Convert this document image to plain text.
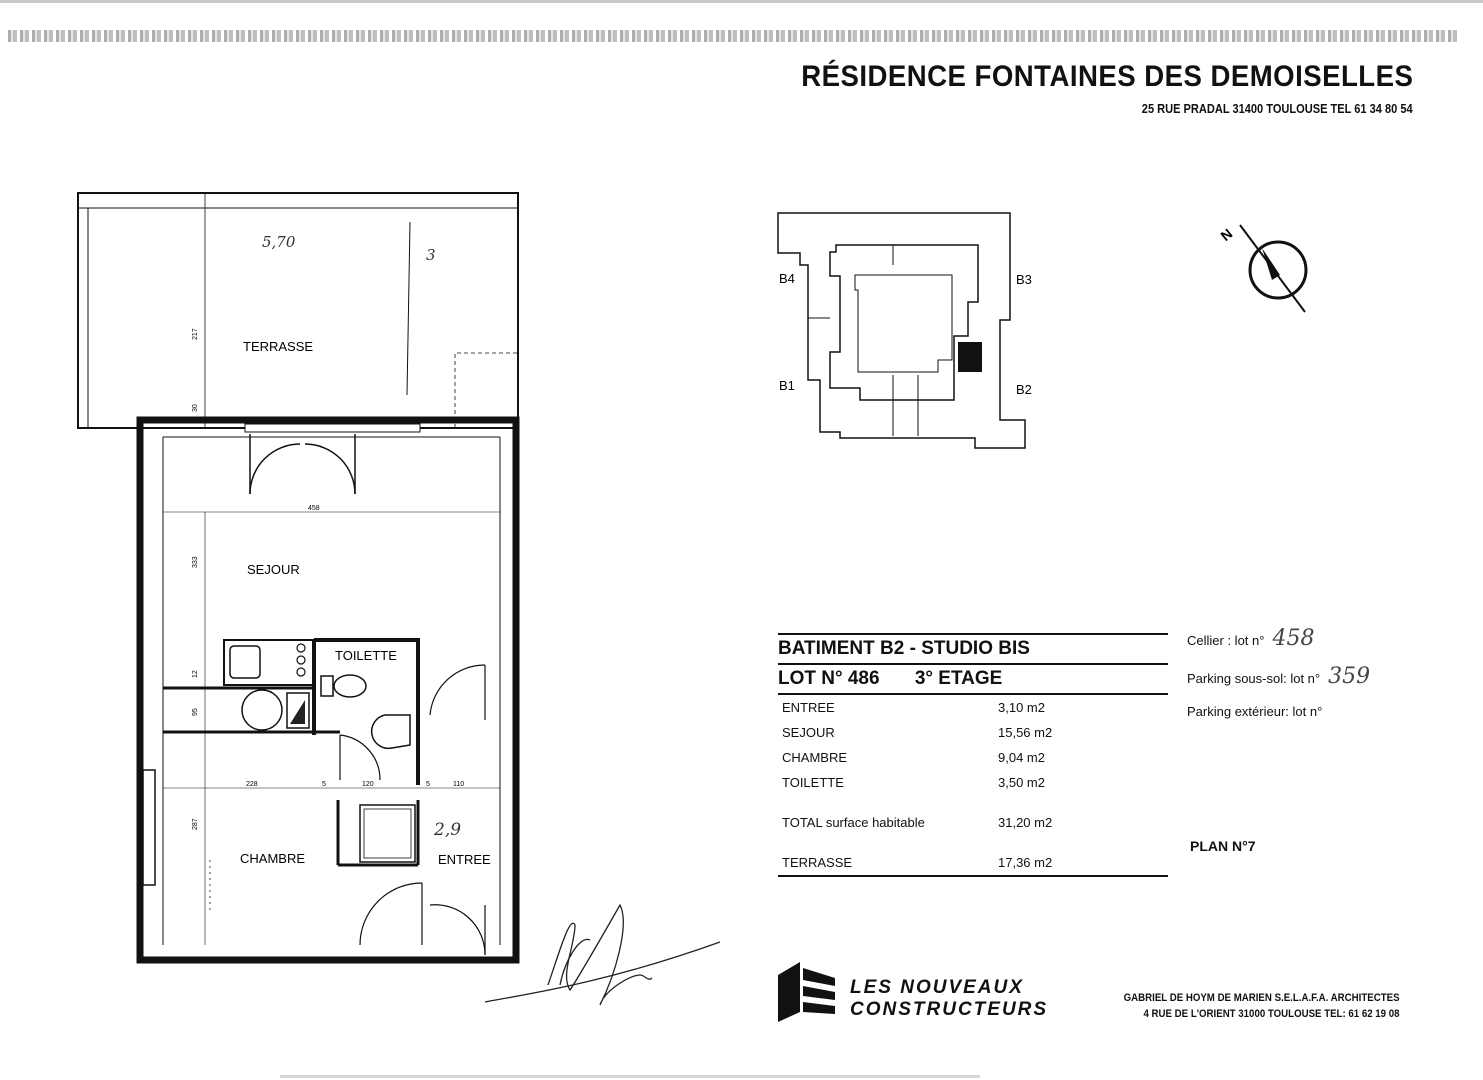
RÉSIDENCE FONTAINES DES DEMOISELLES
25 RUE PRADAL 31400 TOULOUSE TEL 61 34 80 54
TERRASSE
SEJOUR
TOILETTE
CHAMBRE	ENTREE
217
30
458
333
12
95
228	5	120	5	110
287
5,70
3
2,9
B4	B3
B1	B2
N
BATIMENT B2 - STUDIO BIS
LOT N° 486 3° ETAGE
ENTREE	3,10 m2
SEJOUR	15,56 m2
CHAMBRE	9,04 m2
TOILETTE	3,50 m2
TOTAL surface habitable	31,20 m2
TERRASSE	17,36 m2
Cellier : lot n° 458
Parking sous-sol: lot n° 359
Parking extérieur: lot n°
PLAN N°7
LES NOUVEAUX
CONSTRUCTEURS
GABRIEL DE HOYM DE MARIEN S.E.L.A.F.A. ARCHITECTES
4 RUE DE L'ORIENT 31000 TOULOUSE TEL: 61 62 19 08
